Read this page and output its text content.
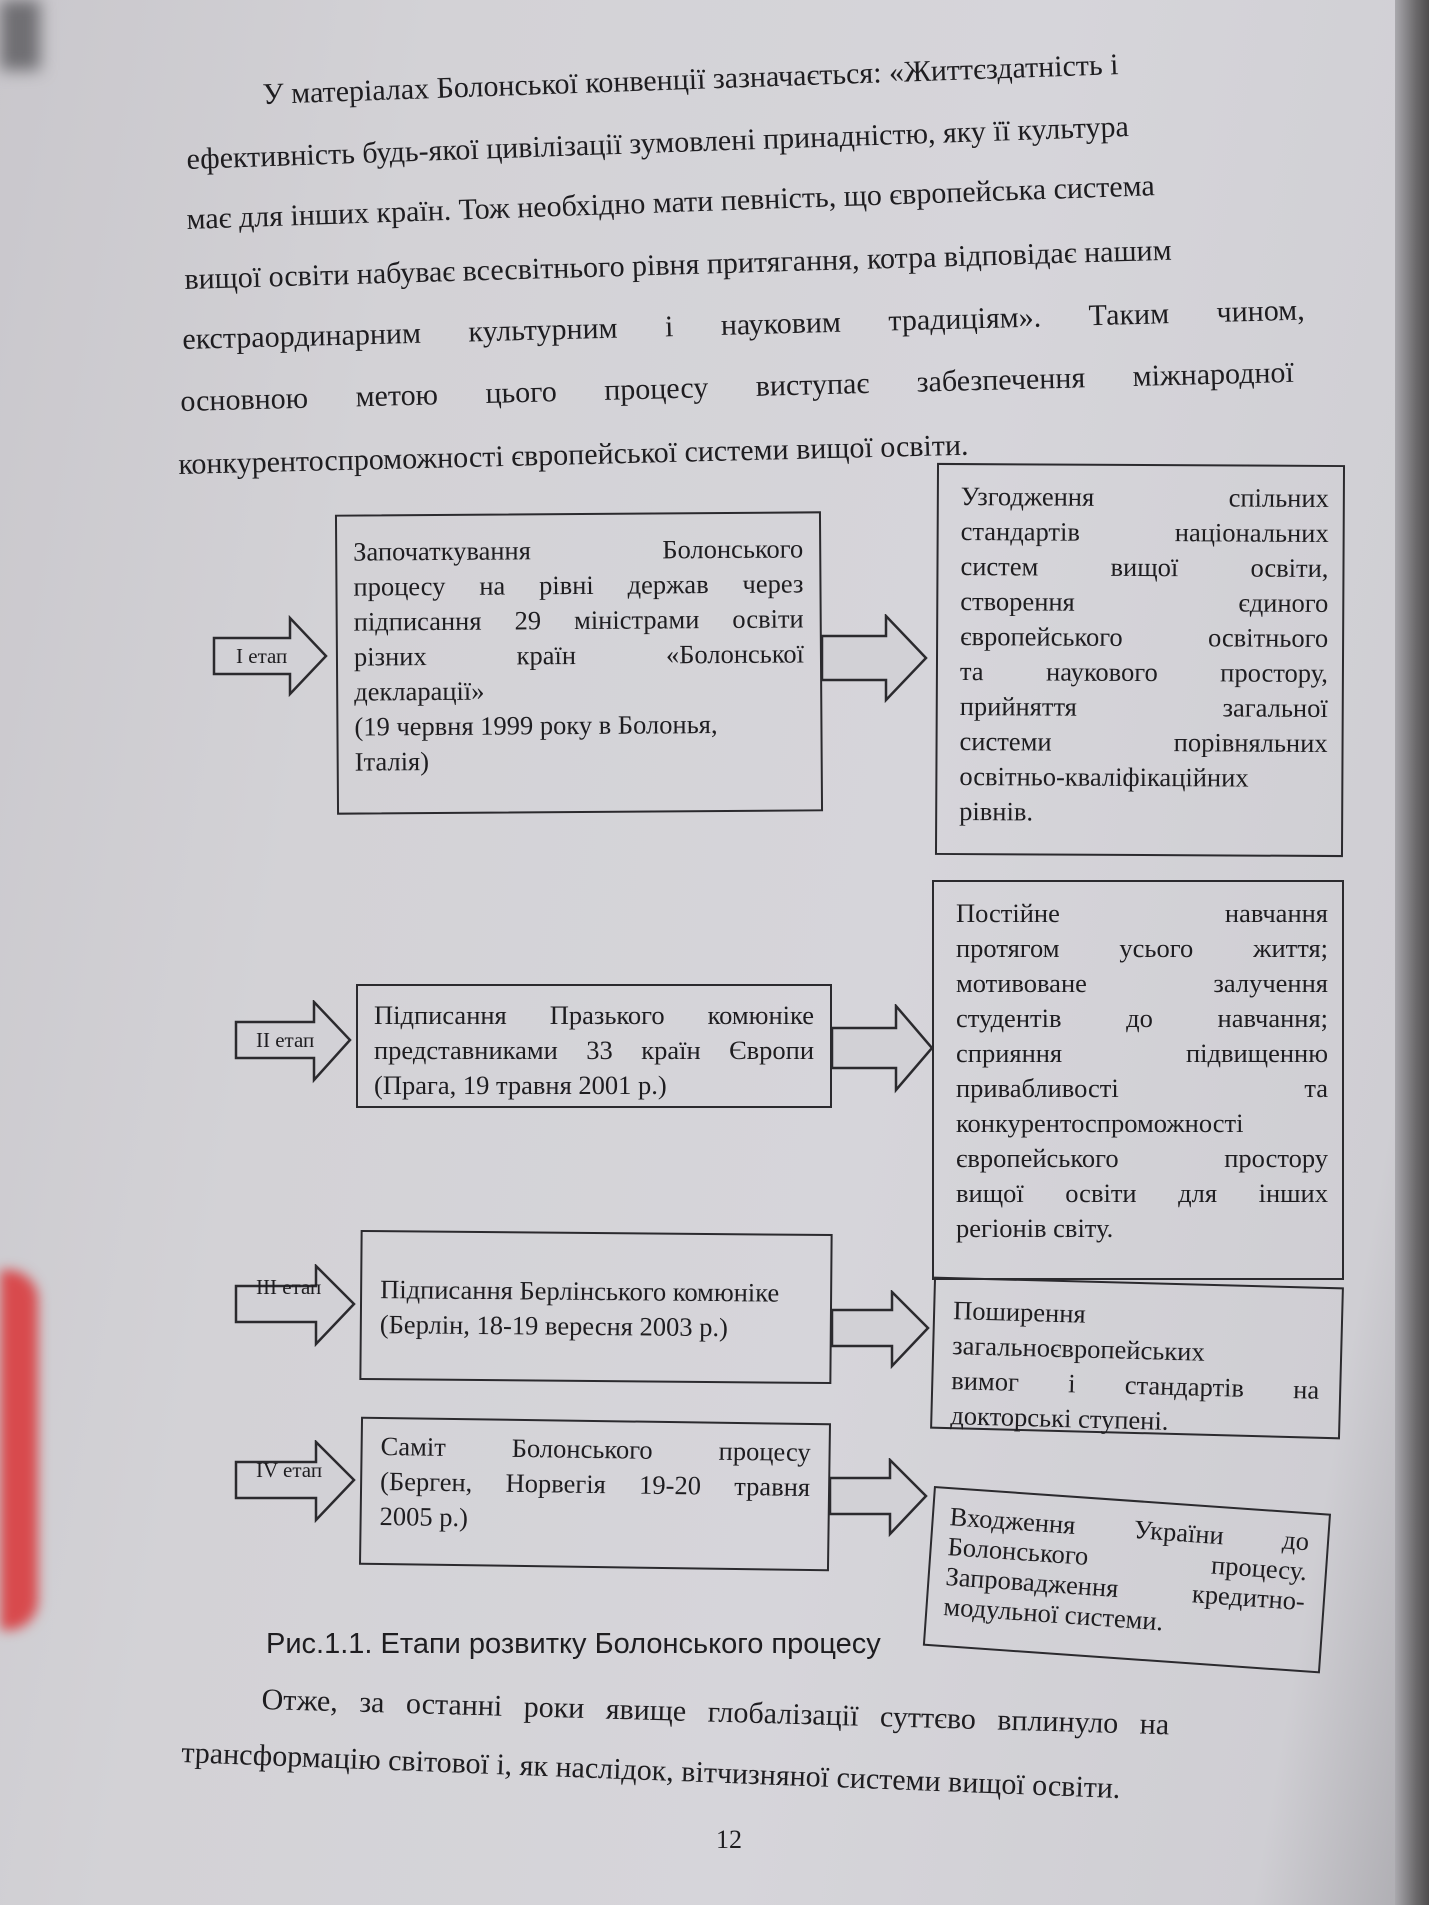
У матеріалах Болонської конвенції зазначається: «Життєздатність і
ефективність будь-якої цивілізації зумовлені принадністю, яку її культура
має для інших країн. Тож необхідно мати певність, що європейська система
вищої освіти набуває всесвітнього рівня притягання, котра відповідає нашим
екстраординарним культурним і науковим традиціям». Таким чином,
основною метою цього процесу виступає забезпечення міжнародної
конкурентоспроможності європейської системи вищої освіти.
I етап
Започаткування	Болонського
процесу на рівні держав через
підписання 29 міністрами освіти
різних	країн	«Болонської
декларації»
(19 червня 1999 року в Болонья,
Італія)
Узгодження	спільних
стандартів	національних
систем	вищої	освіти,
створення	єдиного
європейського	освітнього
та наукового простору,
прийняття	загальної
системи	порівняльних
освітньо-кваліфікаційних
рівнів.
II етап
Підписання Празького комюніке
представниками 33 країн Європи
(Прага, 19 травня 2001 р.)
Постійне	навчання
протягом усього життя;
мотивоване	залучення
студентів до навчання;
сприяння	підвищенню
привабливості	та
конкурентоспроможності
європейського	простору
вищої освіти для інших
регіонів світу.
III етап Підписання Берлінського комюніке
(Берлін, 18-19 вересня 2003 р.)	Поширення
загальноєвропейських
вимог і стандартів на
докторські ступені.
IV етап
Саміт Болонського процесу
(Берген, Норвегія 19-20 травня
2005 р.)	Входження України до
Болонського	процесу.
Запровадження	кредитно-
модульної системи.
Рис.1.1. Етапи розвитку Болонського процесу
Отже, за останні роки явище глобалізації суттєво вплинуло на
трансформацію світової і, як наслідок, вітчизняної системи вищої освіти.
12
